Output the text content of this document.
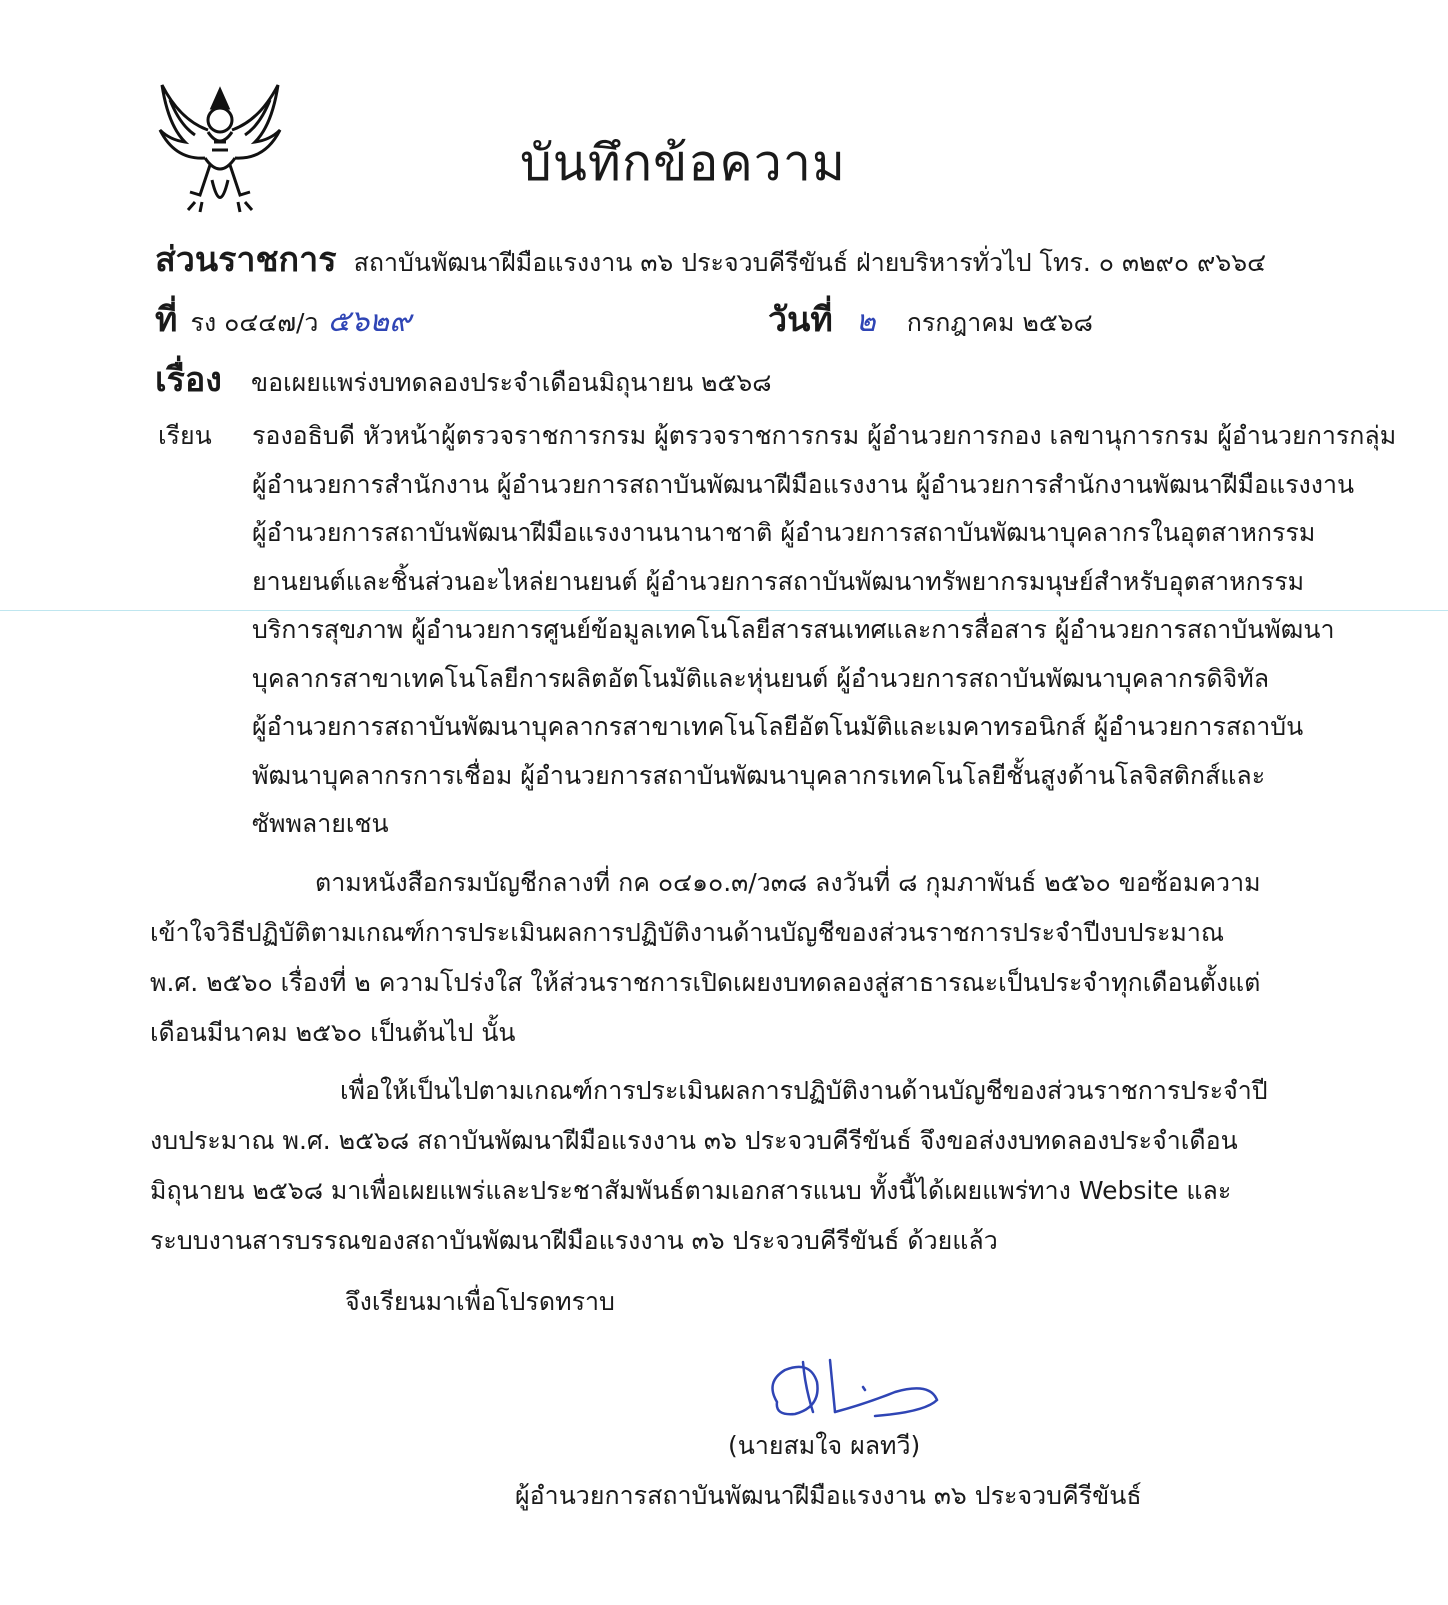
บันทึกข้อความ
ส่วนราชการ สถาบันพัฒนาฝีมือแรงงาน ๓๖ ประจวบคีรีขันธ์ ฝ่ายบริหารทั่วไป โทร. ๐ ๓๒๙๐ ๙๖๖๔
ที่ รง ๐๔๔๗/ว ๕๖๒๙	วันที่ ๒ กรกฎาคม ๒๕๖๘
เรื่อง ขอเผยแพร่งบทดลองประจำเดือนมิถุนายน ๒๕๖๘
เรียน รองอธิบดี หัวหน้าผู้ตรวจราชการกรม ผู้ตรวจราชการกรม ผู้อำนวยการกอง เลขานุการกรม ผู้อำนวยการกลุ่ม
ผู้อำนวยการสำนักงาน ผู้อำนวยการสถาบันพัฒนาฝีมือแรงงาน ผู้อำนวยการสำนักงานพัฒนาฝีมือแรงงาน
ผู้อำนวยการสถาบันพัฒนาฝีมือแรงงานนานาชาติ ผู้อำนวยการสถาบันพัฒนาบุคลากรในอุตสาหกรรม
ยานยนต์และชิ้นส่วนอะไหล่ยานยนต์ ผู้อำนวยการสถาบันพัฒนาทรัพยากรมนุษย์สำหรับอุตสาหกรรม
บริการสุขภาพ ผู้อำนวยการศูนย์ข้อมูลเทคโนโลยีสารสนเทศและการสื่อสาร ผู้อำนวยการสถาบันพัฒนา
บุคลากรสาขาเทคโนโลยีการผลิตอัตโนมัติและหุ่นยนต์ ผู้อำนวยการสถาบันพัฒนาบุคลากรดิจิทัล
ผู้อำนวยการสถาบันพัฒนาบุคลากรสาขาเทคโนโลยีอัตโนมัติและเมคาทรอนิกส์ ผู้อำนวยการสถาบัน
พัฒนาบุคลากรการเชื่อม ผู้อำนวยการสถาบันพัฒนาบุคลากรเทคโนโลยีชั้นสูงด้านโลจิสติกส์และ
ซัพพลายเชน
ตามหนังสือกรมบัญชีกลางที่ กค ๐๔๑๐.๓/ว๓๘ ลงวันที่ ๘ กุมภาพันธ์ ๒๕๖๐ ขอซ้อมความ
เข้าใจวิธีปฏิบัติตามเกณฑ์การประเมินผลการปฏิบัติงานด้านบัญชีของส่วนราชการประจำปีงบประมาณ
พ.ศ. ๒๕๖๐ เรื่องที่ ๒ ความโปร่งใส ให้ส่วนราชการเปิดเผยงบทดลองสู่สาธารณะเป็นประจำทุกเดือนตั้งแต่
เดือนมีนาคม ๒๕๖๐ เป็นต้นไป นั้น
เพื่อให้เป็นไปตามเกณฑ์การประเมินผลการปฏิบัติงานด้านบัญชีของส่วนราชการประจำปี
งบประมาณ พ.ศ. ๒๕๖๘ สถาบันพัฒนาฝีมือแรงงาน ๓๖ ประจวบคีรีขันธ์ จึงขอส่งงบทดลองประจำเดือน
มิถุนายน ๒๕๖๘ มาเพื่อเผยแพร่และประชาสัมพันธ์ตามเอกสารแนบ ทั้งนี้ได้เผยแพร่ทาง Website และ
ระบบงานสารบรรณของสถาบันพัฒนาฝีมือแรงงาน ๓๖ ประจวบคีรีขันธ์ ด้วยแล้ว
จึงเรียนมาเพื่อโปรดทราบ
(นายสมใจ ผลทวี)
ผู้อำนวยการสถาบันพัฒนาฝีมือแรงงาน ๓๖ ประจวบคีรีขันธ์
